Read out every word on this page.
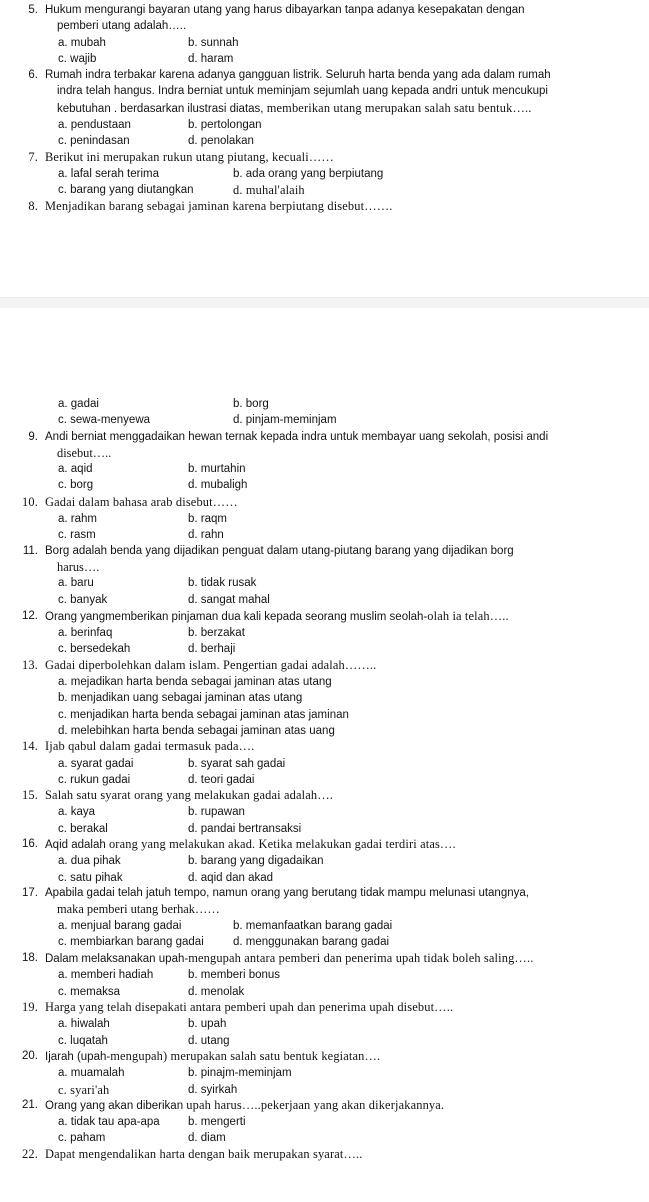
5. Hukum mengurangi bayaran utang yang harus dibayarkan tanpa adanya kesepakatan dengan
pemberi utang adalah…..
a. mubah	b. sunnah
c. wajib	d. haram
6. Rumah indra terbakar karena adanya gangguan listrik. Seluruh harta benda yang ada dalam rumah
indra telah hangus. Indra berniat untuk meminjam sejumlah uang kepada andri untuk mencukupi
kebutuhan . berdasarkan ilustrasi diatas, memberikan utang merupakan salah satu bentuk…..
a. pendustaan	b. pertolongan
c. penindasan	d. penolakan
7. Berikut ini merupakan rukun utang piutang, kecuali……
a. lafal serah terima	b. ada orang yang berpiutang
c. barang yang diutangkan	d. muhal'alaih
8. Menjadikan barang sebagai jaminan karena berpiutang disebut…….
a. gadai	b. borg
c. sewa-menyewa	d. pinjam-meminjam
9. Andi berniat menggadaikan hewan ternak kepada indra untuk membayar uang sekolah, posisi andi
disebut…..
a. aqid	b. murtahin
c. borg	d. mubaligh
10. Gadai dalam bahasa arab disebut……
a. rahm	b. raqm
c. rasm	d. rahn
11. Borg adalah benda yang dijadikan penguat dalam utang-piutang barang yang dijadikan borg
harus….
a. baru	b. tidak rusak
c. banyak	d. sangat mahal
12. Orang yangmemberikan pinjaman dua kali kepada seorang muslim seolah-olah ia telah…..
a. berinfaq	b. berzakat
c. bersedekah	d. berhaji
13. Gadai diperbolehkan dalam islam. Pengertian gadai adalah……..
a. mejadikan harta benda sebagai jaminan atas utang
b. menjadikan uang sebagai jaminan atas utang
c. menjadikan harta benda sebagai jaminan atas jaminan
d. melebihkan harta benda sebagai jaminan atas uang
14. Ijab qabul dalam gadai termasuk pada….
a. syarat gadai	b. syarat sah gadai
c. rukun gadai	d. teori gadai
15. Salah satu syarat orang yang melakukan gadai adalah….
a. kaya	b. rupawan
c. berakal	d. pandai bertransaksi
16. Aqid adalah orang yang melakukan akad. Ketika melakukan gadai terdiri atas….
a. dua pihak	b. barang yang digadaikan
c. satu pihak	d. aqid dan akad
17. Apabila gadai telah jatuh tempo, namun orang yang berutang tidak mampu melunasi utangnya,
maka pemberi utang berhak……
a. menjual barang gadai	b. memanfaatkan barang gadai
c. membiarkan barang gadai	d. menggunakan barang gadai
18. Dalam melaksanakan upah-mengupah antara pemberi dan penerima upah tidak boleh saling…..
a. memberi hadiah	b. memberi bonus
c. memaksa	d. menolak
19. Harga yang telah disepakati antara pemberi upah dan penerima upah disebut…..
a. hiwalah	b. upah
c. luqatah	d. utang
20. Ijarah (upah-mengupah) merupakan salah satu bentuk kegiatan….
a. muamalah	b. pinajm-meminjam
c. syari'ah	d. syirkah
21. Orang yang akan diberikan upah harus…..pekerjaan yang akan dikerjakannya.
a. tidak tau apa-apa b. mengerti
c. paham	d. diam
22. Dapat mengendalikan harta dengan baik merupakan syarat…..
